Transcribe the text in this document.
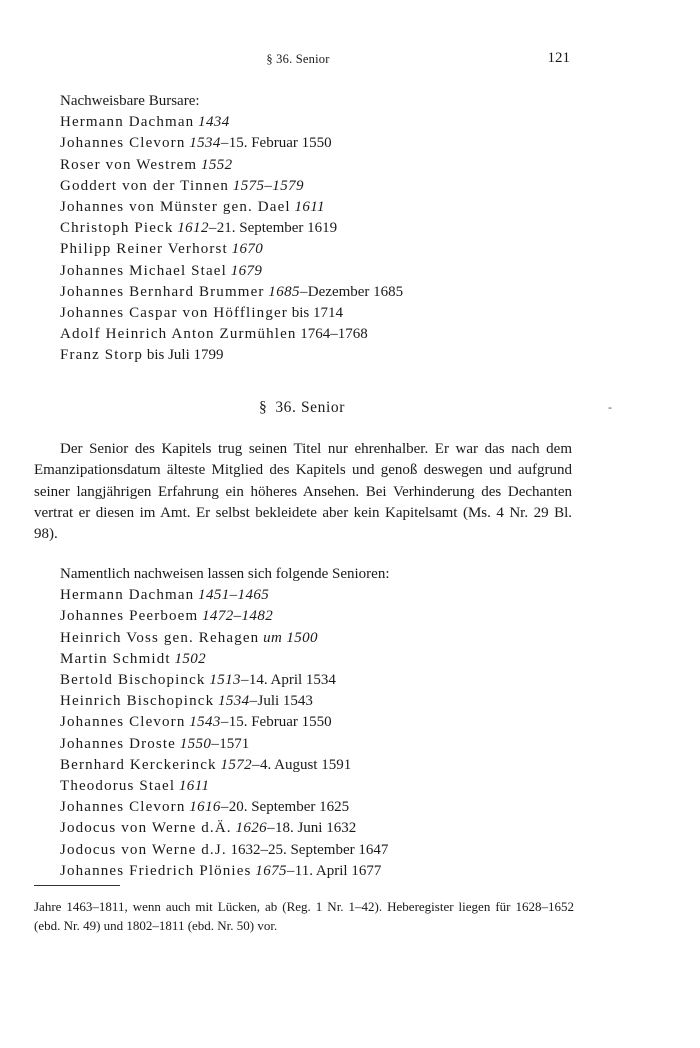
§ 36. Senior	121
Nachweisbare Bursare:
Hermann Dachman 1434
Johannes Clevorn 1534–15. Februar 1550
Roser von Westrem 1552
Goddert von der Tinnen 1575–1579
Johannes von Münster gen. Dael 1611
Christoph Pieck 1612–21. September 1619
Philipp Reiner Verhorst 1670
Johannes Michael Stael 1679
Johannes Bernhard Brummer 1685–Dezember 1685
Johannes Caspar von Höfflinger bis 1714
Adolf Heinrich Anton Zurmühlen 1764–1768
Franz Storp bis Juli 1799
§ 36. Senior	-

Der Senior des Kapitels trug seinen Titel nur ehrenhalber. Er war das nach dem Emanzipationsdatum älteste Mitglied des Kapitels und genoß deswegen und aufgrund seiner langjährigen Erfahrung ein höheres Ansehen. Bei Verhinderung des Dechanten vertrat er diesen im Amt. Er selbst bekleidete aber kein Kapitelsamt (Ms. 4 Nr. 29 Bl. 98).

Namentlich nachweisen lassen sich folgende Senioren:
Hermann Dachman 1451–1465
Johannes Peerboem 1472–1482
Heinrich Voss gen. Rehagen um 1500
Martin Schmidt 1502
Bertold Bischopinck 1513–14. April 1534
Heinrich Bischopinck 1534–Juli 1543
Johannes Clevorn 1543–15. Februar 1550
Johannes Droste 1550–1571
Bernhard Kerckerinck 1572–4. August 1591
Theodorus Stael 1611
Johannes Clevorn 1616–20. September 1625
Jodocus von Werne d.Ä. 1626–18. Juni 1632
Jodocus von Werne d.J. 1632–25. September 1647
Johannes Friedrich Plönies 1675–11. April 1677
Jahre 1463–1811, wenn auch mit Lücken, ab (Reg. 1 Nr. 1–42). Heberegister liegen für 1628–1652 (ebd. Nr. 49) und 1802–1811 (ebd. Nr. 50) vor.
